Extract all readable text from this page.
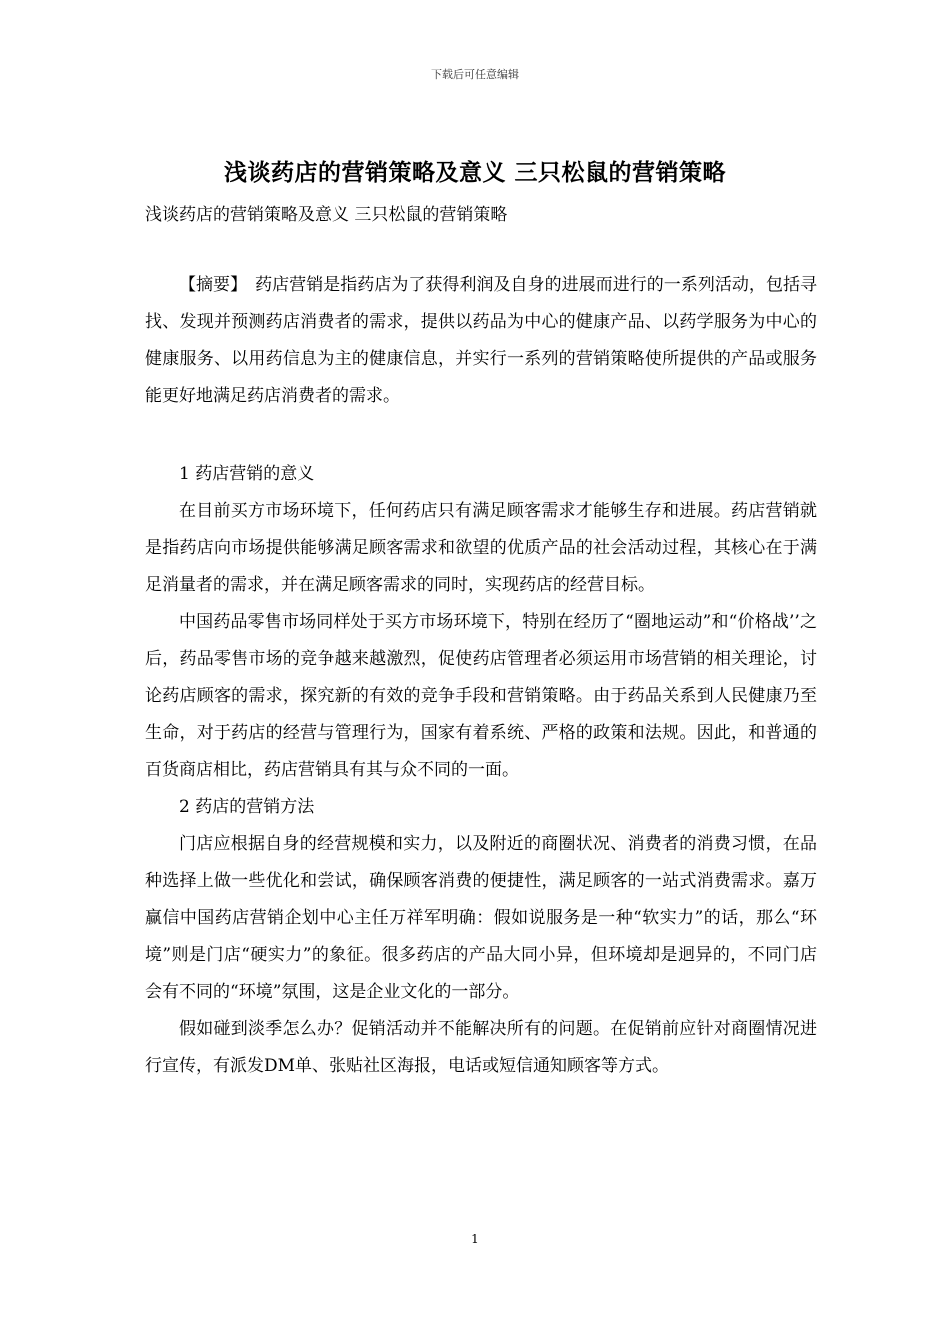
下载后可任意编辑
浅谈药店的营销策略及意义 三只松鼠的营销策略
浅谈药店的营销策略及意义 三只松鼠的营销策略

【摘要】 药店营销是指药店为了获得利润及自身的进展而进行的一系列活动，包括寻找、发现并预测药店消费者的需求，提供以药品为中心的健康产品、以药学服务为中心的健康服务、以用药信息为主的健康信息，并实行一系列的营销策略使所提供的产品或服务能更好地满足药店消费者的需求。

1 药店营销的意义

在目前买方市场环境下，任何药店只有满足顾客需求才能够生存和进展。药店营销就是指药店向市场提供能够满足顾客需求和欲望的优质产品的社会活动过程，其核心在于满足消量者的需求，并在满足顾客需求的同时，实现药店的经营目标。

中国药品零售市场同样处于买方市场环境下，特别在经历了“圈地运动”和“价格战’’之后，药品零售市场的竞争越来越激烈，促使药店管理者必须运用市场营销的相关理论，讨论药店顾客的需求，探究新的有效的竞争手段和营销策略。由于药品关系到人民健康乃至生命，对于药店的经营与管理行为，国家有着系统、严格的政策和法规。因此，和普通的百货商店相比，药店营销具有其与众不同的一面。

2 药店的营销方法

门店应根据自身的经营规模和实力，以及附近的商圈状况、消费者的消费习惯，在品种选择上做一些优化和尝试，确保顾客消费的便捷性，满足顾客的一站式消费需求。嘉万赢信中国药店营销企划中心主任万祥军明确：假如说服务是一种“软实力”的话，那么“环境”则是门店“硬实力”的象征。很多药店的产品大同小异，但环境却是迥异的，不同门店会有不同的“环境”氛围，这是企业文化的一部分。

假如碰到淡季怎么办？促销活动并不能解决所有的问题。在促销前应针对商圈情况进行宣传，有派发DM单、张贴社区海报，电话或短信通知顾客等方式。

1
